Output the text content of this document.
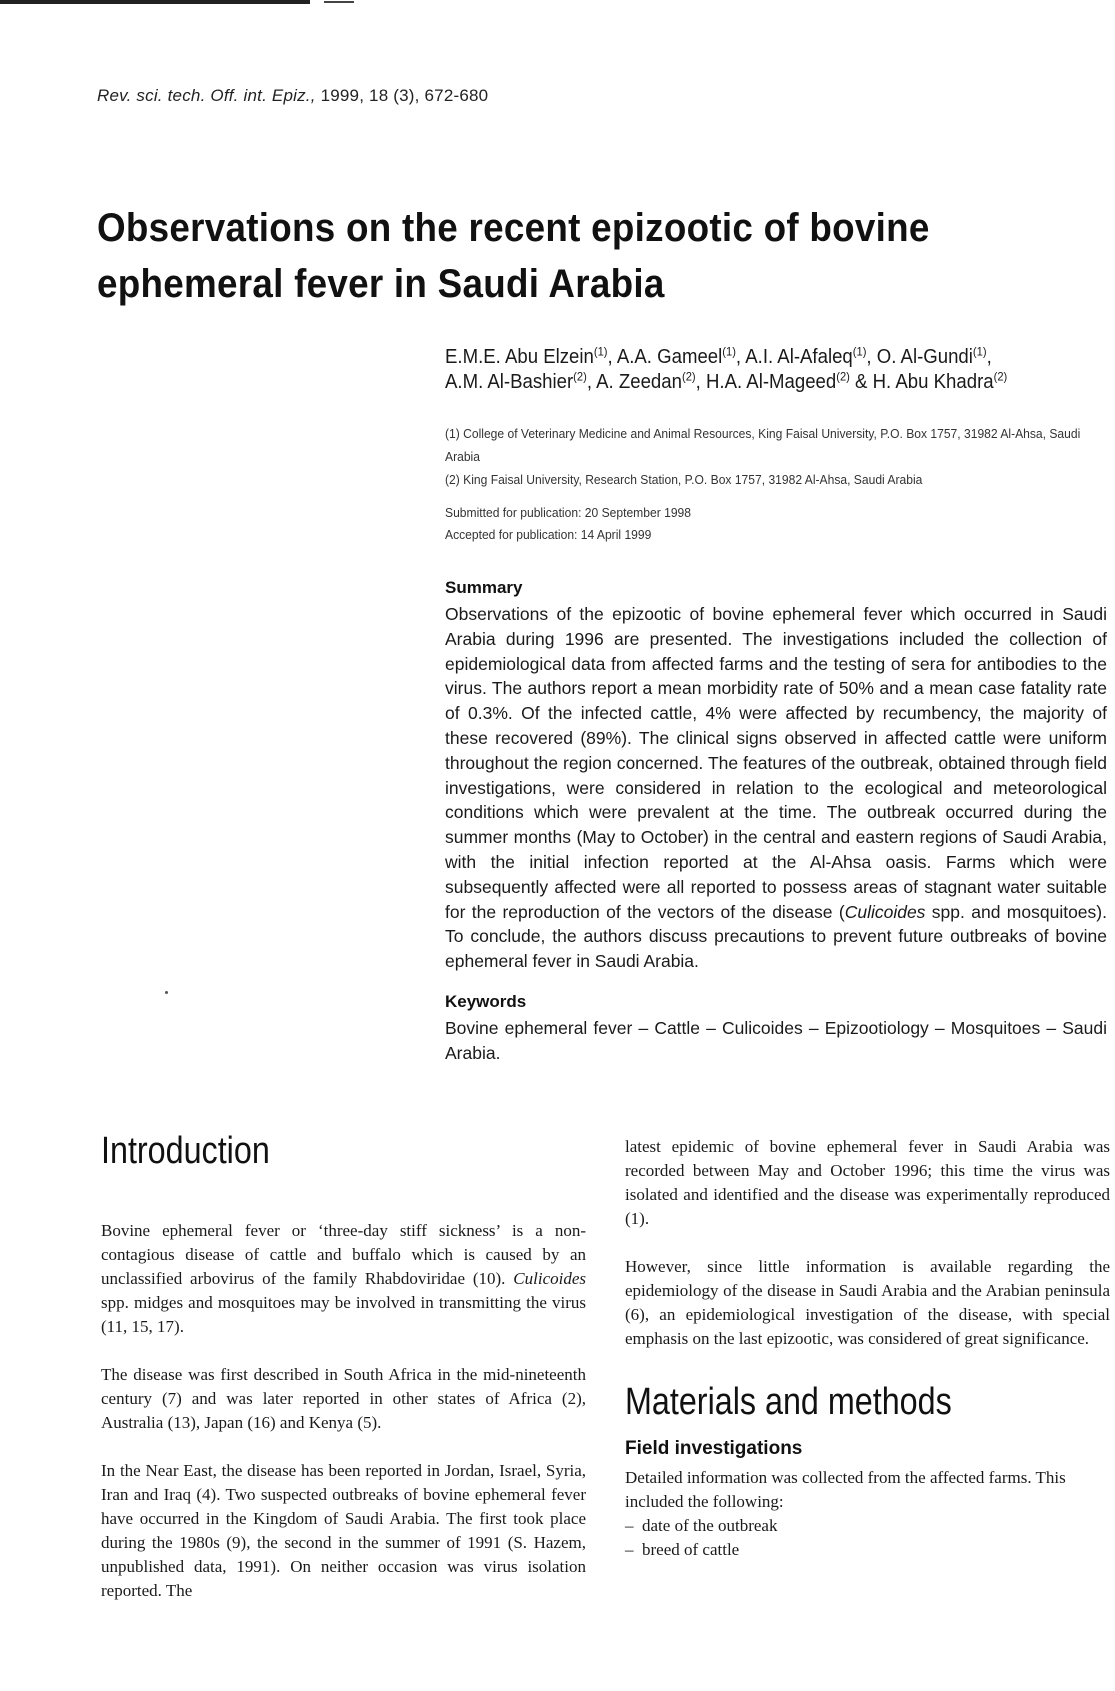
Rev. sci. tech. Off. int. Epiz., 1999, 18 (3), 672-680
Observations on the recent epizootic of bovine ephemeral fever in Saudi Arabia
E.M.E. Abu Elzein$^{(1)}$, A.A. Gameel$^{(1)}$, A.I. Al-Afaleq$^{(1)}$, O. Al-Gundi$^{(1)}$,
A.M. Al-Bashier$^{(2)}$, A. Zeedan$^{(2)}$, H.A. Al-Mageed$^{(2)}$ & H. Abu Khadra$^{(2)}$

(1) College of Veterinary Medicine and Animal Resources, King Faisal University, P.O. Box 1757, 31982 Al-Ahsa, Saudi Arabia

(2) King Faisal University, Research Station, P.O. Box 1757, 31982 Al-Ahsa, Saudi Arabia

Submitted for publication: 20 September 1998

Accepted for publication: 14 April 1999

Summary

Observations of the epizootic of bovine ephemeral fever which occurred in Saudi Arabia during 1996 are presented. The investigations included the collection of epidemiological data from affected farms and the testing of sera for antibodies to the virus. The authors report a mean morbidity rate of 50% and a mean case fatality rate of 0.3%. Of the infected cattle, 4% were affected by recumbency, the majority of these recovered (89%). The clinical signs observed in affected cattle were uniform throughout the region concerned. The features of the outbreak, obtained through field investigations, were considered in relation to the ecological and meteorological conditions which were prevalent at the time. The outbreak occurred during the summer months (May to October) in the central and eastern regions of Saudi Arabia, with the initial infection reported at the Al-Ahsa oasis. Farms which were subsequently affected were all reported to possess areas of stagnant water suitable for the reproduction of the vectors of the disease (Culicoides spp. and mosquitoes). To conclude, the authors discuss precautions to prevent future outbreaks of bovine ephemeral fever in Saudi Arabia.

Keywords

Bovine ephemeral fever – Cattle – Culicoides – Epizootiology – Mosquitoes – Saudi Arabia.

Introduction

Bovine ephemeral fever or ‘three-day stiff sickness’ is a non-contagious disease of cattle and buffalo which is caused by an unclassified arbovirus of the family Rhabdoviridae (10). Culicoides spp. midges and mosquitoes may be involved in transmitting the virus (11, 15, 17).

The disease was first described in South Africa in the mid-nineteenth century (7) and was later reported in other states of Africa (2), Australia (13), Japan (16) and Kenya (5).

In the Near East, the disease has been reported in Jordan, Israel, Syria, Iran and Iraq (4). Two suspected outbreaks of bovine ephemeral fever have occurred in the Kingdom of Saudi Arabia. The first took place during the 1980s (9), the second in the summer of 1991 (S. Hazem, unpublished data, 1991). On neither occasion was virus isolation reported. The

latest epidemic of bovine ephemeral fever in Saudi Arabia was recorded between May and October 1996; this time the virus was isolated and identified and the disease was experimentally reproduced (1).

However, since little information is available regarding the epidemiology of the disease in Saudi Arabia and the Arabian peninsula (6), an epidemiological investigation of the disease, with special emphasis on the last epizootic, was considered of great significance.

Materials and methods
Field investigations

Detailed information was collected from the affected farms. This included the following:

–  date of the outbreak
–  breed of cattle
